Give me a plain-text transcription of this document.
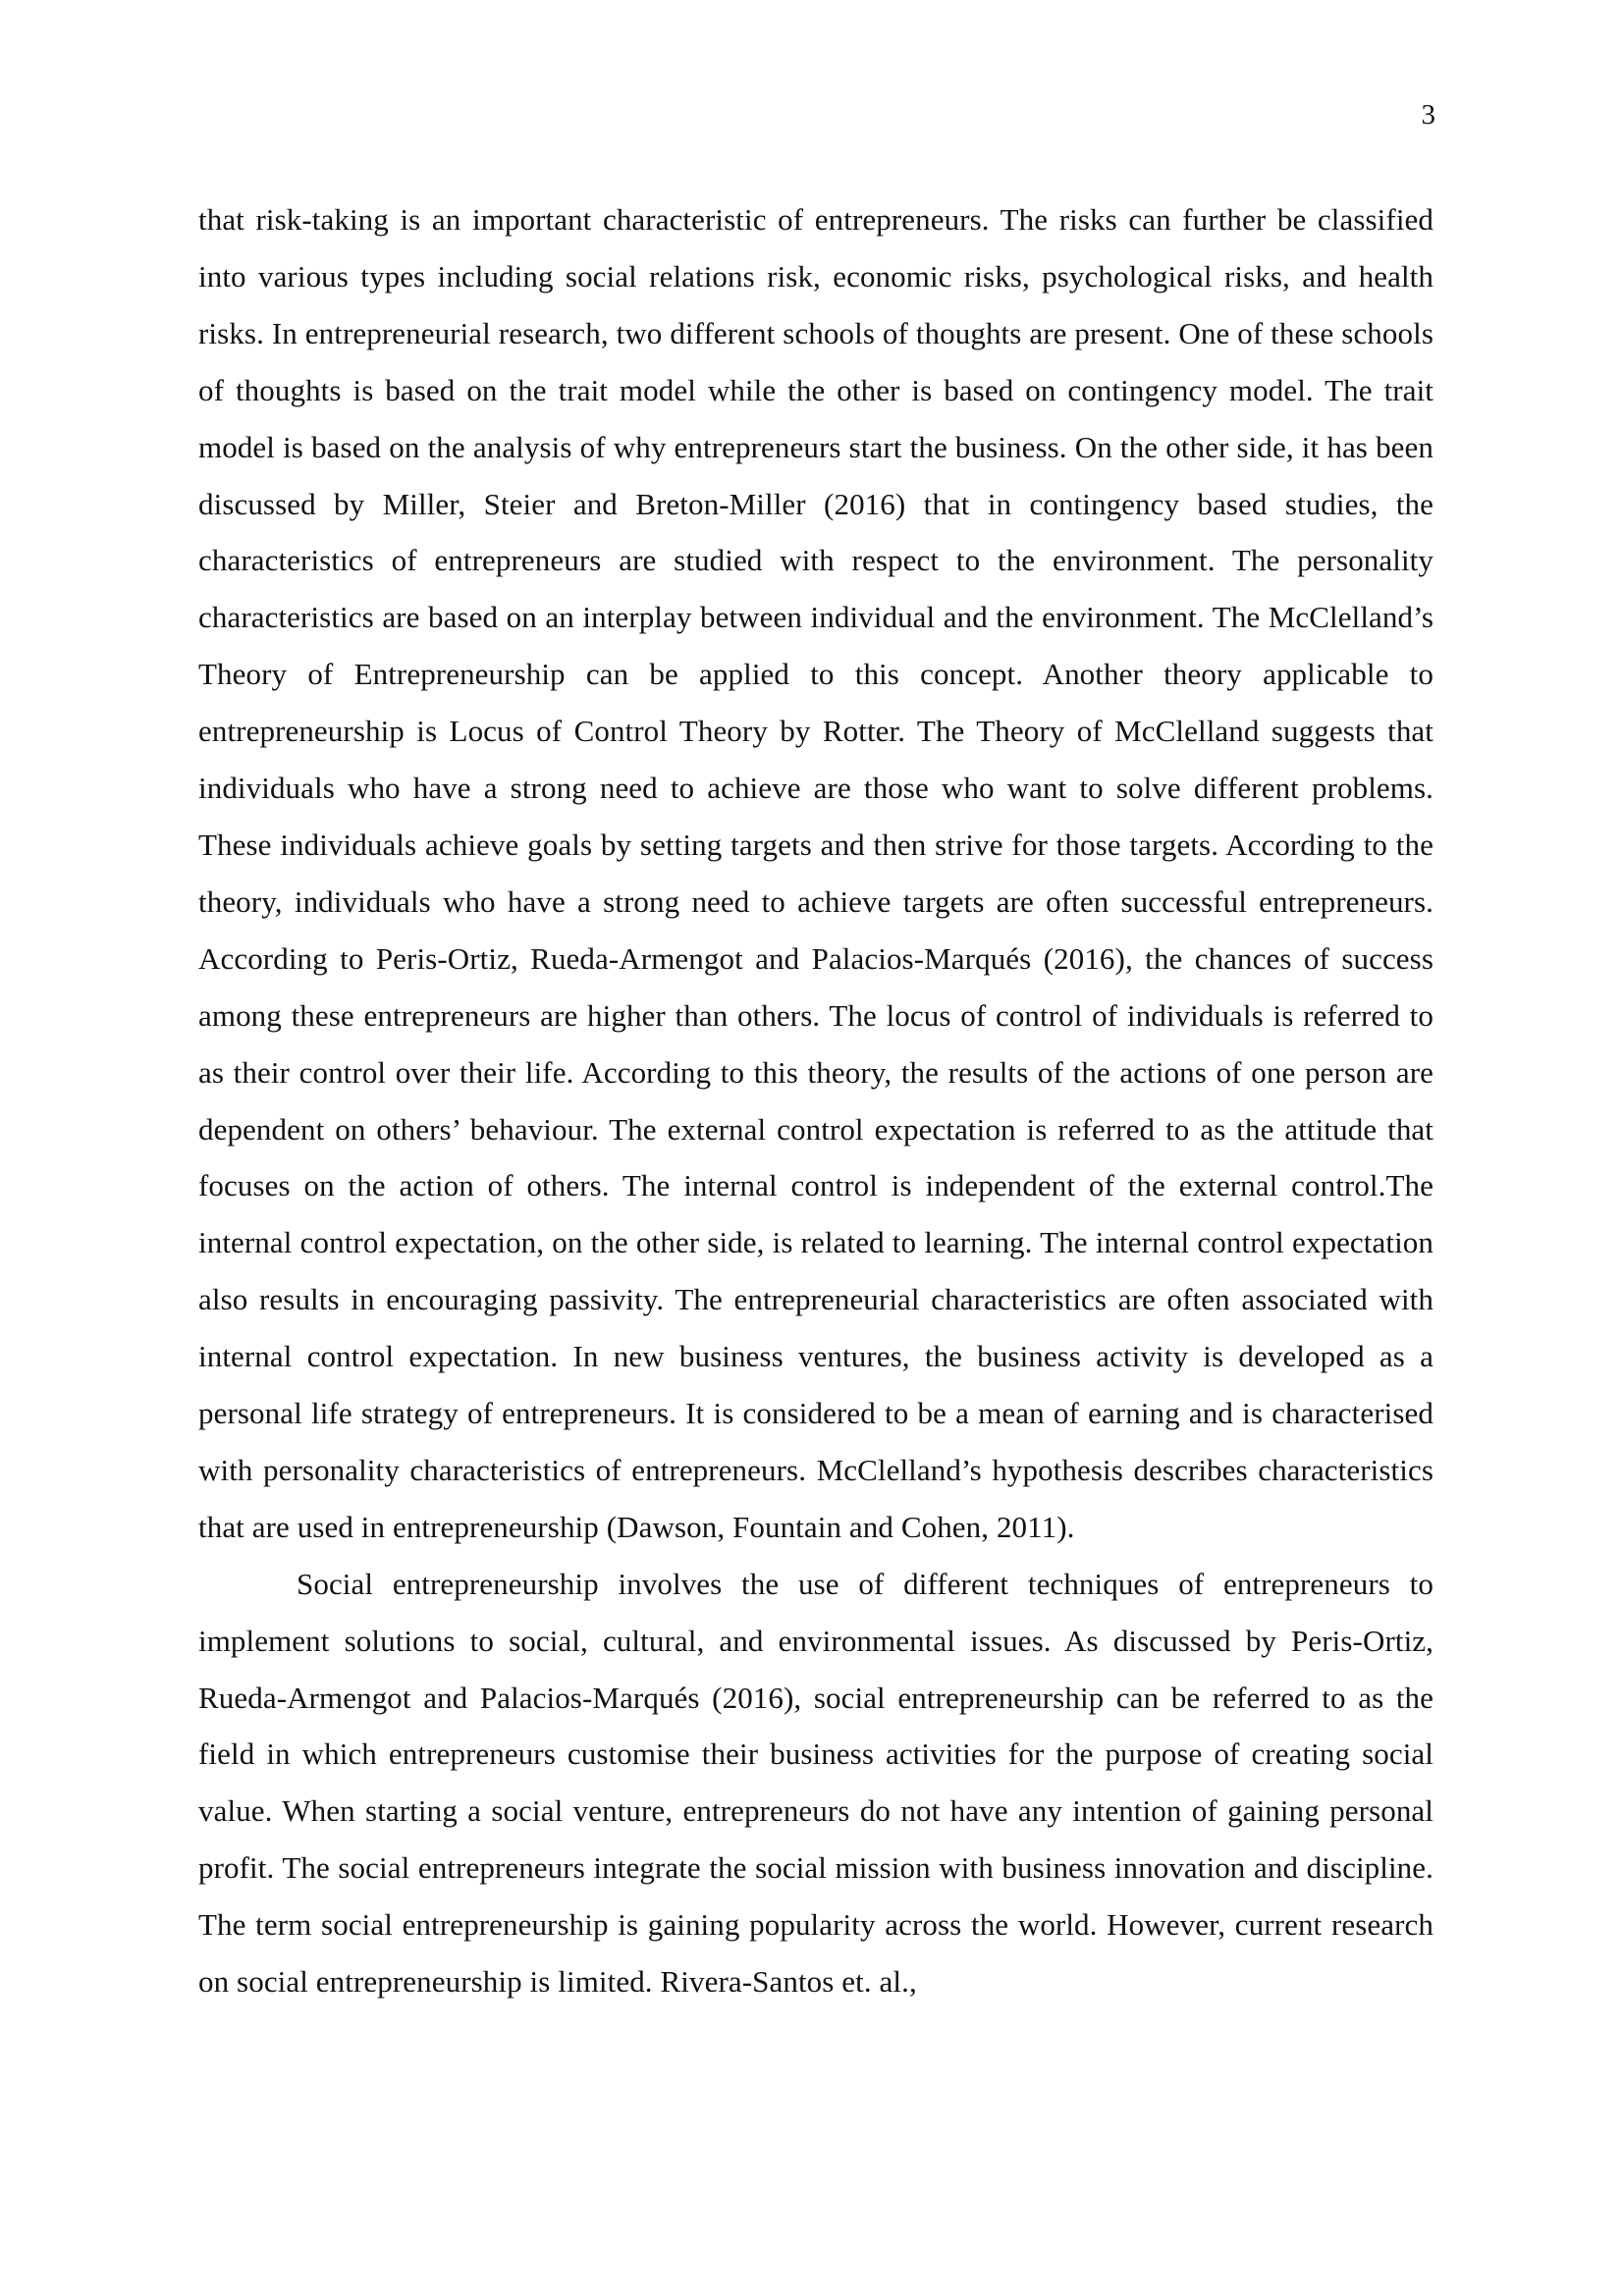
3

that risk-taking is an important characteristic of entrepreneurs. The risks can further be classified into various types including social relations risk, economic risks, psychological risks, and health risks. In entrepreneurial research, two different schools of thoughts are present. One of these schools of thoughts is based on the trait model while the other is based on contingency model. The trait model is based on the analysis of why entrepreneurs start the business. On the other side, it has been discussed by Miller, Steier and Breton-Miller (2016) that in contingency based studies, the characteristics of entrepreneurs are studied with respect to the environment. The personality characteristics are based on an interplay between individual and the environment. The McClelland’s Theory of Entrepreneurship can be applied to this concept. Another theory applicable to entrepreneurship is Locus of Control Theory by Rotter. The Theory of McClelland suggests that individuals who have a strong need to achieve are those who want to solve different problems. These individuals achieve goals by setting targets and then strive for those targets. According to the theory, individuals who have a strong need to achieve targets are often successful entrepreneurs. According to Peris-Ortiz, Rueda-Armengot and Palacios-Marqués (2016), the chances of success among these entrepreneurs are higher than others. The locus of control of individuals is referred to as their control over their life. According to this theory, the results of the actions of one person are dependent on others’ behaviour. The external control expectation is referred to as the attitude that focuses on the action of others. The internal control is independent of the external control.The internal control expectation, on the other side, is related to learning. The internal control expectation also results in encouraging passivity. The entrepreneurial characteristics are often associated with internal control expectation. In new business ventures, the business activity is developed as a personal life strategy of entrepreneurs. It is considered to be a mean of earning and is characterised with personality characteristics of entrepreneurs. McClelland’s hypothesis describes characteristics that are used in entrepreneurship (Dawson, Fountain and Cohen, 2011).

Social entrepreneurship involves the use of different techniques of entrepreneurs to implement solutions to social, cultural, and environmental issues. As discussed by Peris-Ortiz, Rueda-Armengot and Palacios-Marqués (2016), social entrepreneurship can be referred to as the field in which entrepreneurs customise their business activities for the purpose of creating social value. When starting a social venture, entrepreneurs do not have any intention of gaining personal profit. The social entrepreneurs integrate the social mission with business innovation and discipline. The term social entrepreneurship is gaining popularity across the world. However, current research on social entrepreneurship is limited. Rivera-Santos et. al.,
